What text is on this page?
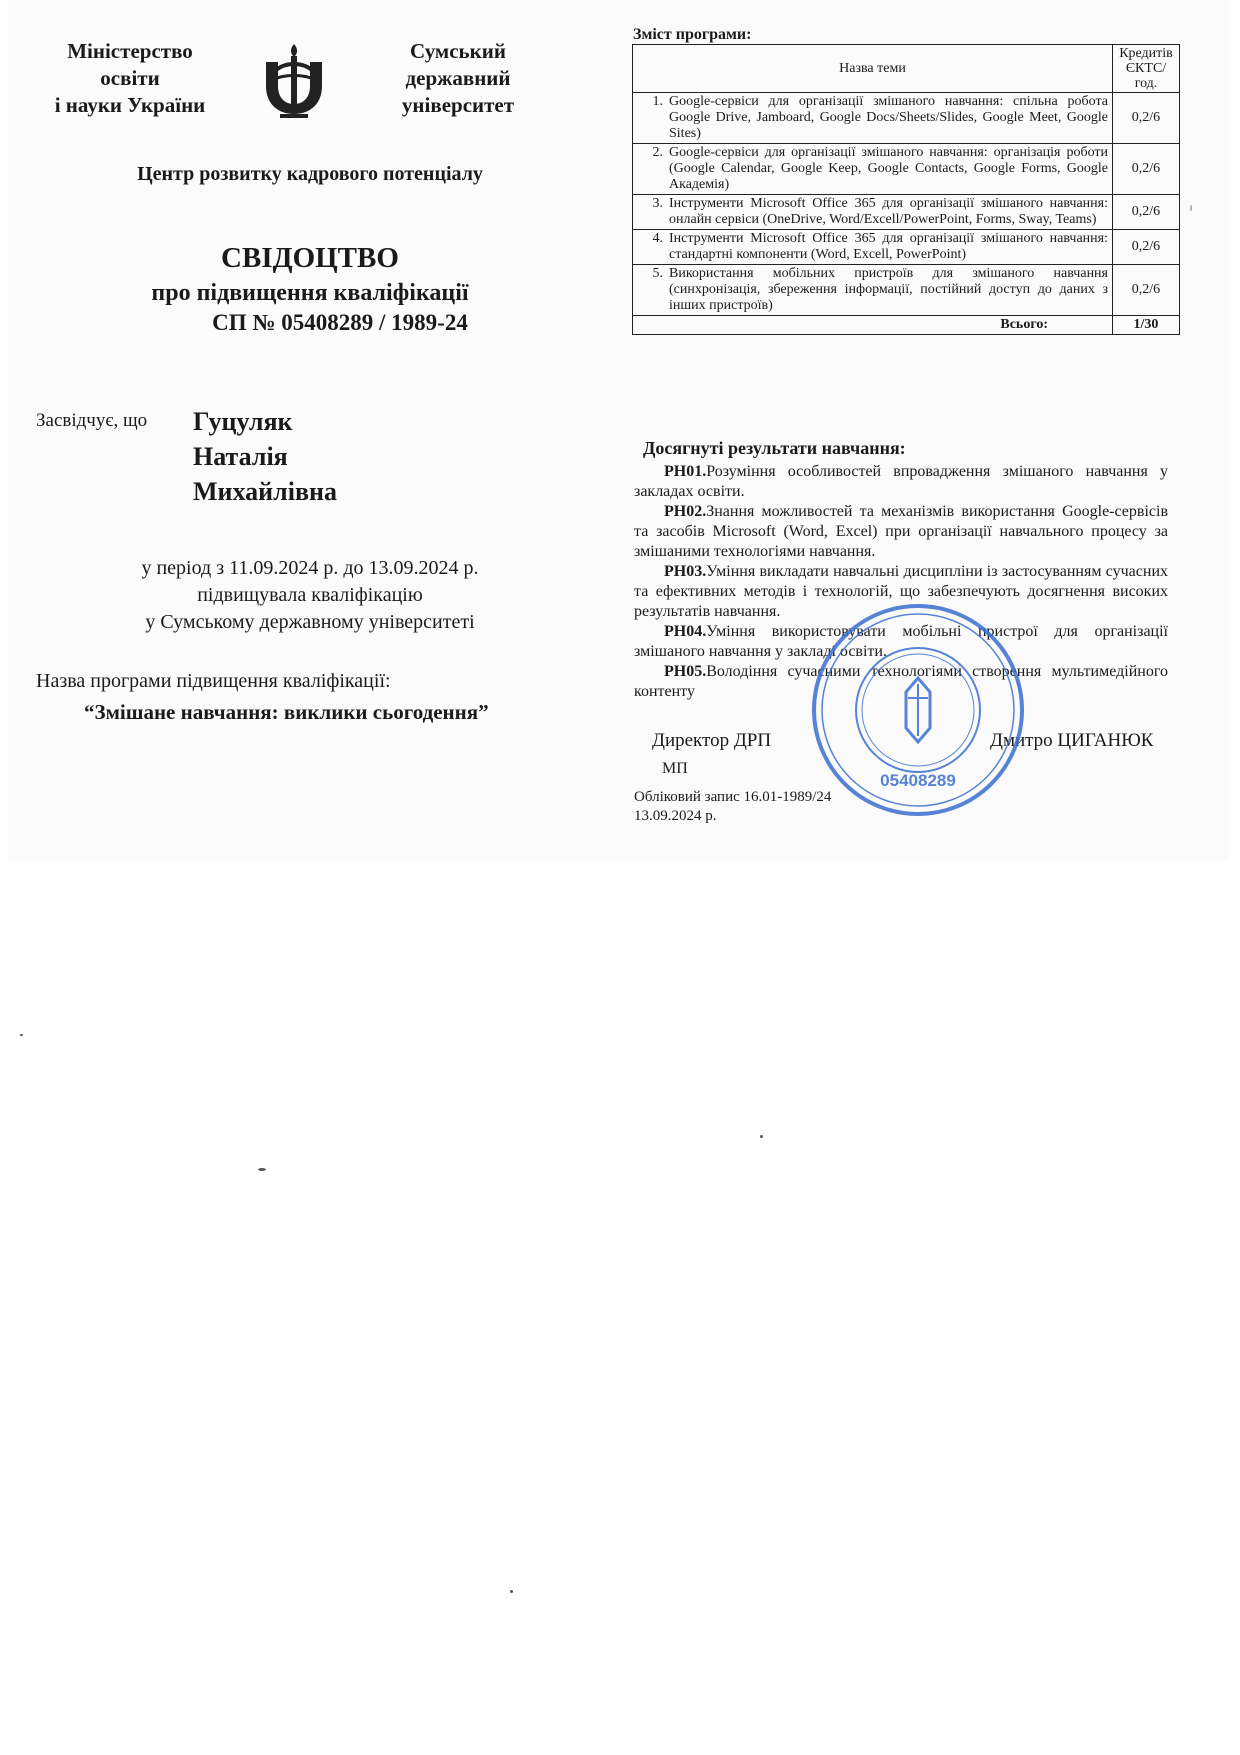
Міністерство
освіти
і науки України
Сумський
державний
університет
Центр розвитку кадрового потенціалу
СВІДОЦТВО
про підвищення кваліфікації
СП № 05408289 / 1989-24
Засвідчує, що Гуцуляк
Наталія
Михайлівна
у період з 11.09.2024 р. до 13.09.2024 р.
підвищувала кваліфікацію
у Сумському державному університеті
Назва програми підвищення кваліфікації:
“Змішане навчання: виклики сьогодення”
Зміст програми:
Назва теми		Кредитів ЄКТС/ год.
1.	Google-сервіси для організації змішаного навчання: спільна робота Google Drive, Jamboard, Google Docs/Sheets/Slides, Google Meet, Google Sites)	0,2/6
2.	Google-сервіси для організації змішаного навчання: організація роботи (Google Calendar, Google Keep, Google Contacts, Google Forms, Google Академія)	0,2/6
3.	Інструменти Microsoft Office 365 для організації змішаного навчання: онлайн сервіси (OneDrive, Word/Excell/PowerPoint, Forms, Sway, Teams)	0,2/6
4.	Інструменти Microsoft Office 365 для організації змішаного навчання: стандартні компоненти (Word, Excell, PowerPoint)	0,2/6
5.	Використання мобільних пристроїв для змішаного навчання (синхронізація, збереження інформації, постійний доступ до даних з інших пристроїв)	0,2/6
Всього:		1/30
Досягнуті результати навчання:

РН01.Розуміння особливостей впровадження змішаного навчання у закладах освіти.

РН02.Знання можливостей та механізмів використання Google-сервісів та засобів Microsoft (Word, Excel) при організації навчального процесу за змішаними технологіями навчання.

РН03.Уміння викладати навчальні дисципліни із застосуванням сучасних та ефективних методів і технологій, що забезпечують досягнення високих результатів навчання.

РН04.Уміння використовувати мобільні пристрої для організації змішаного навчання у закладі освіти.

РН05.Володіння сучасними технологіями створення мультимедійного контенту

Директор ДРП	Дмитро ЦИГАНЮК
МП
Обліковий запис 16.01-1989/24
13.09.2024 р.
05408289
